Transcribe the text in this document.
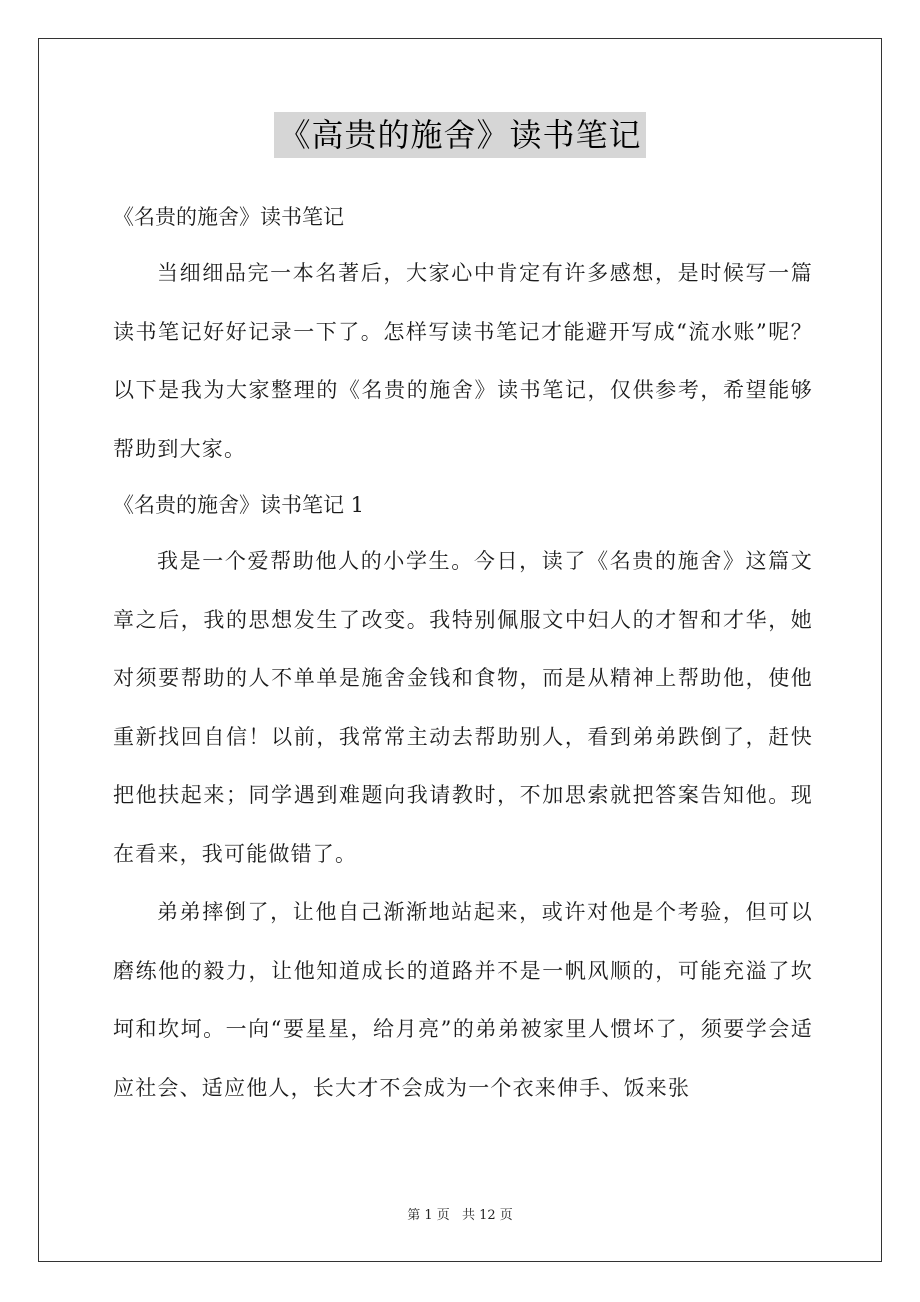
《高贵的施舍》读书笔记

《名贵的施舍》读书笔记

当细细品完一本名著后，大家心中肯定有许多感想，是时候写一篇读书笔记好好记录一下了。怎样写读书笔记才能避开写成“流水账”呢？以下是我为大家整理的《名贵的施舍》读书笔记，仅供参考，希望能够帮助到大家。

《名贵的施舍》读书笔记 1

我是一个爱帮助他人的小学生。今日，读了《名贵的施舍》这篇文章之后，我的思想发生了改变。我特别佩服文中妇人的才智和才华，她对须要帮助的人不单单是施舍金钱和食物，而是从精神上帮助他，使他重新找回自信！以前，我常常主动去帮助别人，看到弟弟跌倒了，赶快把他扶起来；同学遇到难题向我请教时，不加思索就把答案告知他。现在看来，我可能做错了。

弟弟摔倒了，让他自己渐渐地站起来，或许对他是个考验，但可以磨练他的毅力，让他知道成长的道路并不是一帆风顺的，可能充溢了坎坷和坎坷。一向“要星星，给月亮”的弟弟被家里人惯坏了，须要学会适应社会、适应他人，长大才不会成为一个衣来伸手、饭来张

第 1 页 共 12 页
